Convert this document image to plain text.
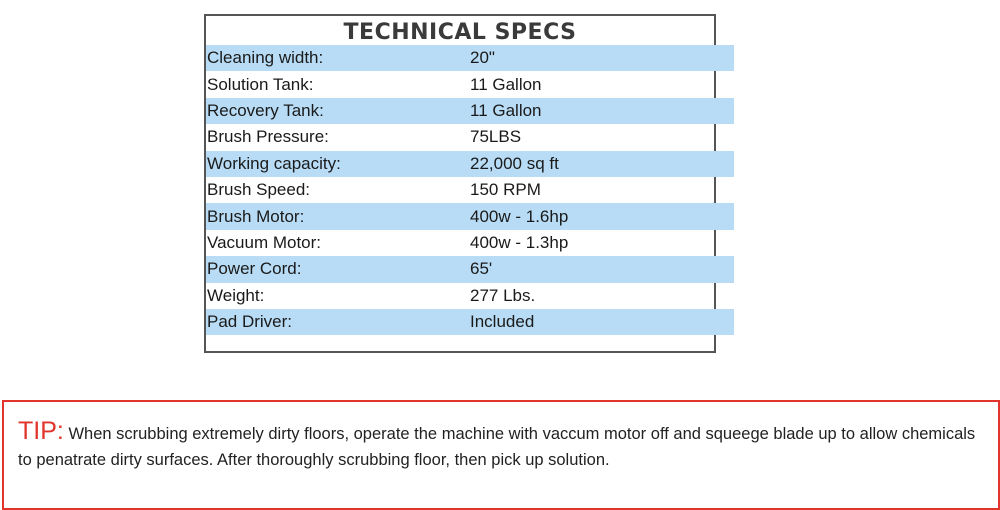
TECHNICAL SPECS
Cleaning width:	20"
Solution Tank:	11 Gallon
Recovery Tank:	11 Gallon
Brush Pressure:	75LBS
Working capacity:	22,000 sq ft
Brush Speed:	150 RPM
Brush Motor:	400w - 1.6hp
Vacuum Motor:	400w - 1.3hp
Power Cord:	65'
Weight:	277 Lbs.
Pad Driver:	Included
TIP: When scrubbing extremely dirty floors, operate the machine with vaccum motor off and squeege blade up to allow chemicals to penatrate dirty surfaces. After thoroughly scrubbing floor, then pick up solution.
